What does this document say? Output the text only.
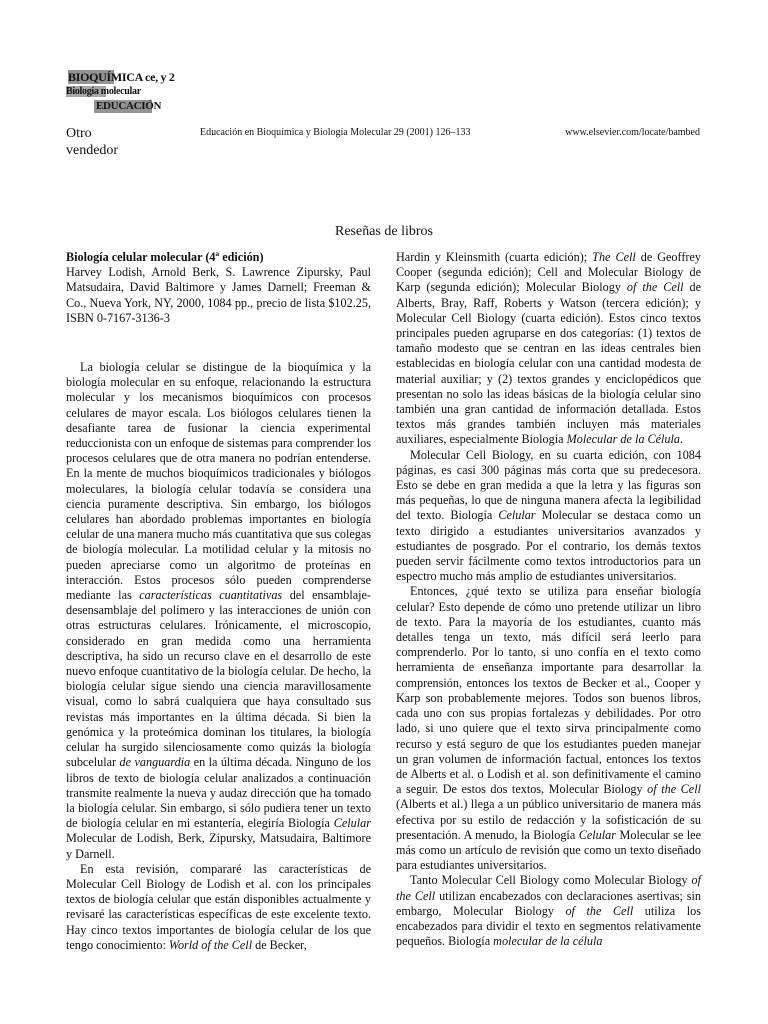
BIOQUÍMICA ce, y 2
Biología molecular
EDUCACIÓN
Otro vendedor
Educación en Bioquímica y Biología Molecular 29 (2001) 126–133	www.elsevier.com/locate/bambed
Reseñas de libros

Biología celular molecular (4ª edición)
Harvey Lodish, Arnold Berk, S. Lawrence Zipursky, Paul Matsudaira, David Baltimore y James Darnell; Freeman & Co., Nueva York, NY, 2000, 1084 pp., precio de lista $102.25, ISBN 0-7167-3136-3

La biología celular se distingue de la bioquímica y la biología molecular en su enfoque, relacionando la estructura molecular y los mecanismos bioquímicos con procesos celulares de mayor escala. Los biólogos celulares tienen la desafiante tarea de fusionar la ciencia experimental reduccionista con un enfoque de sistemas para comprender los procesos celulares que de otra manera no podrían entenderse. En la mente de muchos bioquímicos tradicionales y biólogos moleculares, la biología celular todavía se considera una ciencia puramente descriptiva. Sin embargo, los biólogos celulares han abordado problemas importantes en biología celular de una manera mucho más cuantitativa que sus colegas de biología molecular. La motilidad celular y la mitosis no pueden apreciarse como un algoritmo de proteínas en interacción. Estos procesos sólo pueden comprenderse mediante las características cuantitativas del ensamblaje-desensamblaje del polímero y las interacciones de unión con otras estructuras celulares. Irónicamente, el microscopio, considerado en gran medida como una herramienta descriptiva, ha sido un recurso clave en el desarrollo de este nuevo enfoque cuantitativo de la biología celular. De hecho, la biología celular sigue siendo una ciencia maravillosamente visual, como lo sabrá cualquiera que haya consultado sus revistas más importantes en la última década. Si bien la genómica y la proteómica dominan los titulares, la biología celular ha surgido silenciosamente como quizás la biología subcelular de vanguardia en la última década. Ninguno de los libros de texto de biología celular analizados a continuación transmite realmente la nueva y audaz dirección que ha tomado la biología celular. Sin embargo, si sólo pudiera tener un texto de biología celular en mi estantería, elegiría Biología Celular Molecular de Lodish, Berk, Zipursky, Matsudaira, Baltimore y Darnell.

En esta revisión, compararé las características de Molecular Cell Biology de Lodish et al. con los principales textos de biología celular que están disponibles actualmente y revisaré las características específicas de este excelente texto. Hay cinco textos importantes de biología celular de los que tengo conocimiento: World of the Cell de Becker,

Hardin y Kleinsmith (cuarta edición); The Cell de Geoffrey Cooper (segunda edición); Cell and Molecular Biology de Karp (segunda edición); Molecular Biology of the Cell de Alberts, Bray, Raff, Roberts y Watson (tercera edición); y Molecular Cell Biology (cuarta edición). Estos cinco textos principales pueden agruparse en dos categorías: (1) textos de tamaño modesto que se centran en las ideas centrales bien establecidas en biología celular con una cantidad modesta de material auxiliar; y (2) textos grandes y enciclopédicos que presentan no solo las ideas básicas de la biología celular sino también una gran cantidad de información detallada. Estos textos más grandes también incluyen más materiales auxiliares, especialmente Biología Molecular de la Célula.

Molecular Cell Biology, en su cuarta edición, con 1084 páginas, es casi 300 páginas más corta que su predecesora. Esto se debe en gran medida a que la letra y las figuras son más pequeñas, lo que de ninguna manera afecta la legibilidad del texto. Biología Celular Molecular se destaca como un texto dirigido a estudiantes universitarios avanzados y estudiantes de posgrado. Por el contrario, los demás textos pueden servir fácilmente como textos introductorios para un espectro mucho más amplio de estudiantes universitarios.

Entonces, ¿qué texto se utiliza para enseñar biología celular? Esto depende de cómo uno pretende utilizar un libro de texto. Para la mayoría de los estudiantes, cuanto más detalles tenga un texto, más difícil será leerlo para comprenderlo. Por lo tanto, si uno confía en el texto como herramienta de enseñanza importante para desarrollar la comprensión, entonces los textos de Becker et al., Cooper y Karp son probablemente mejores. Todos son buenos libros, cada uno con sus propias fortalezas y debilidades. Por otro lado, si uno quiere que el texto sirva principalmente como recurso y está seguro de que los estudiantes pueden manejar un gran volumen de información factual, entonces los textos de Alberts et al. o Lodish et al. son definitivamente el camino a seguir. De estos dos textos, Molecular Biology of the Cell (Alberts et al.) llega a un público universitario de manera más efectiva por su estilo de redacción y la sofisticación de su presentación. A menudo, la Biología Celular Molecular se lee más como un artículo de revisión que como un texto diseñado para estudiantes universitarios.

Tanto Molecular Cell Biology como Molecular Biology of the Cell utilizan encabezados con declaraciones asertivas; sin embargo, Molecular Biology of the Cell utiliza los encabezados para dividir el texto en segmentos relativamente pequeños. Biología molecular de la célula
